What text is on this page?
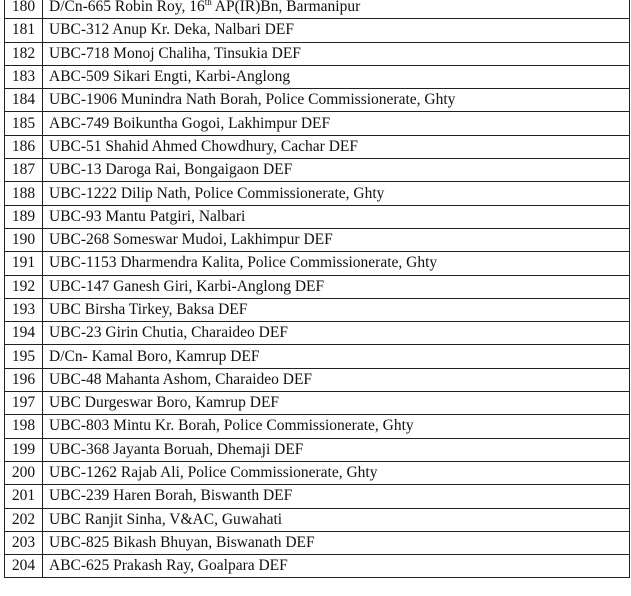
180	D/Cn-665 Robin Roy, 16th AP(IR)Bn, Barmanipur
181	UBC-312 Anup Kr. Deka, Nalbari DEF
182	UBC-718 Monoj Chaliha, Tinsukia DEF
183	ABC-509 Sikari Engti, Karbi-Anglong
184	UBC-1906 Munindra Nath Borah, Police Commissionerate, Ghty
185	ABC-749 Boikuntha Gogoi, Lakhimpur DEF
186	UBC-51 Shahid Ahmed Chowdhury, Cachar DEF
187	UBC-13 Daroga Rai, Bongaigaon DEF
188	UBC-1222 Dilip Nath, Police Commissionerate, Ghty
189	UBC-93 Mantu Patgiri, Nalbari
190	UBC-268 Someswar Mudoi, Lakhimpur DEF
191	UBC-1153 Dharmendra Kalita, Police Commissionerate, Ghty
192	UBC-147 Ganesh Giri, Karbi-Anglong DEF
193	UBC Birsha Tirkey, Baksa DEF
194	UBC-23 Girin Chutia, Charaideo DEF
195	D/Cn- Kamal Boro, Kamrup DEF
196	UBC-48 Mahanta Ashom, Charaideo DEF
197	UBC Durgeswar Boro, Kamrup DEF
198	UBC-803 Mintu Kr. Borah, Police Commissionerate, Ghty
199	UBC-368 Jayanta Boruah, Dhemaji DEF
200	UBC-1262 Rajab Ali, Police Commissionerate, Ghty
201	UBC-239 Haren Borah, Biswanth DEF
202	UBC Ranjit Sinha, V&AC, Guwahati
203	UBC-825 Bikash Bhuyan, Biswanath DEF
204	ABC-625 Prakash Ray, Goalpara DEF
